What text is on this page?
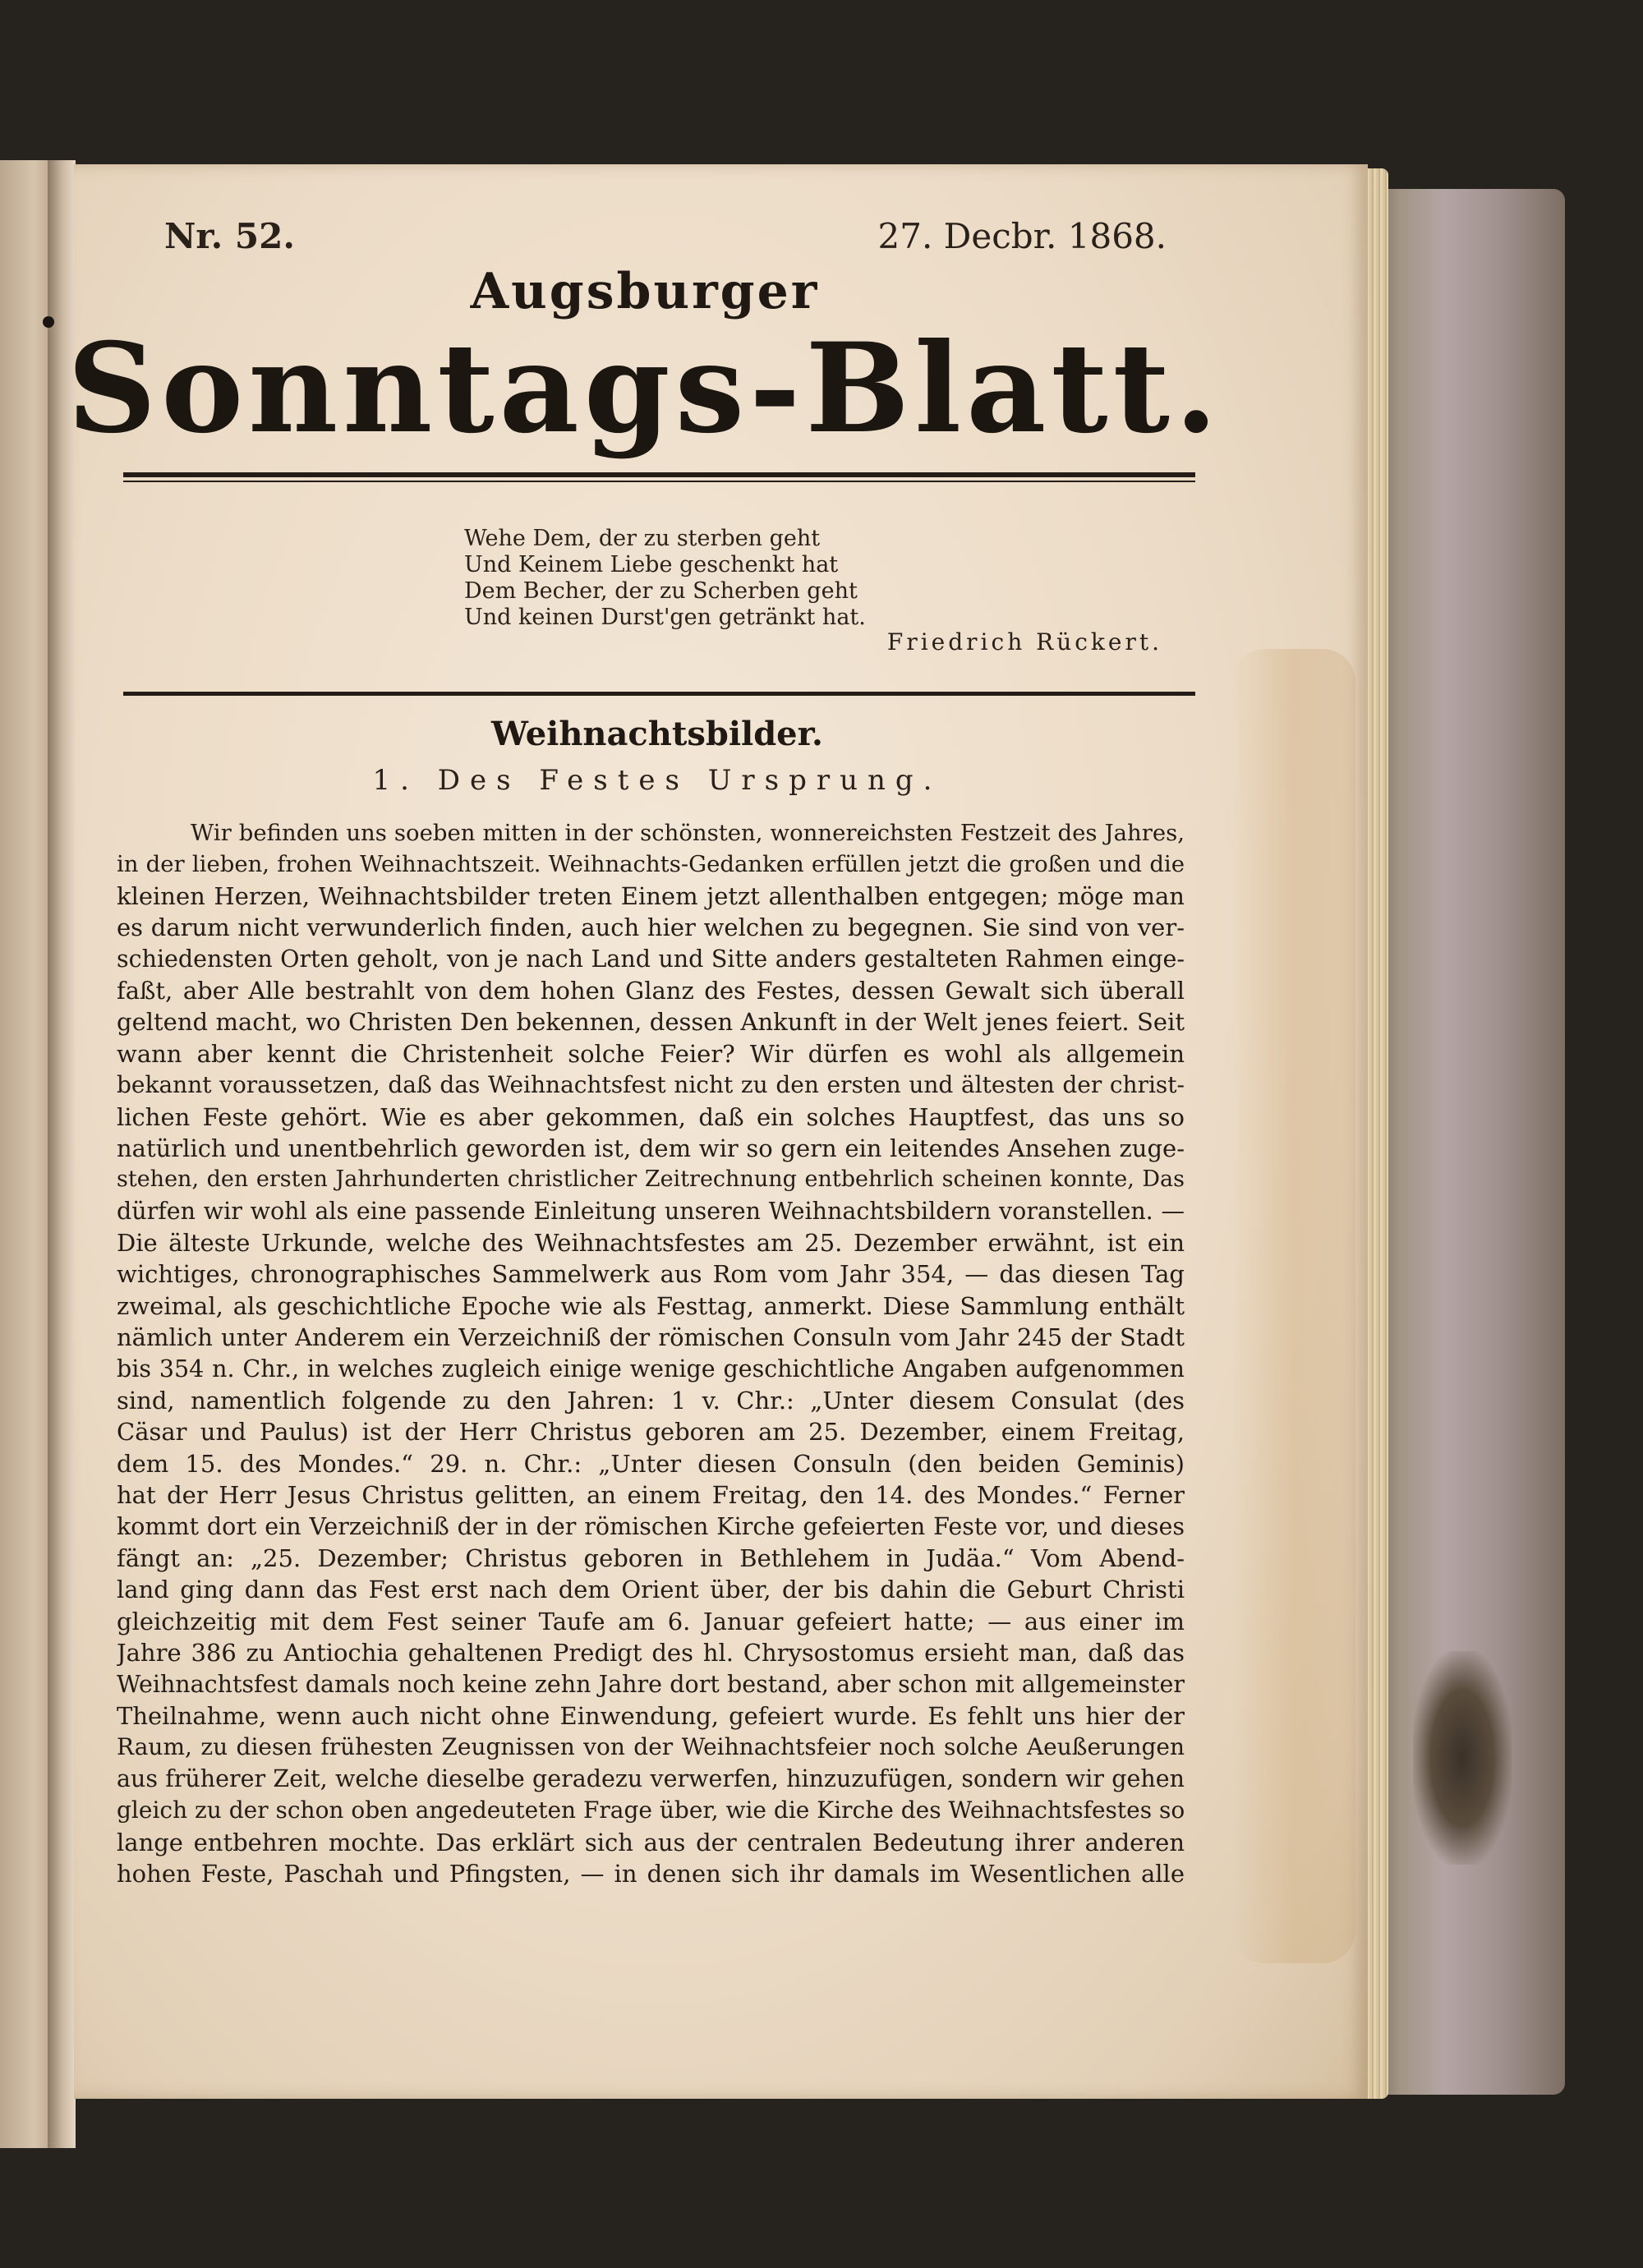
Nr. 52.	27. Decbr. 1868.
Augsburger
Sonntags-Blatt.
Wehe Dem, der zu sterben geht
Und Keinem Liebe geschenkt hat
Dem Becher, der zu Scherben geht
Und keinen Durst'gen getränkt hat.
Friedrich Rückert.
Weihnachtsbilder.
1. Des Festes Ursprung.
Wir befinden uns soeben mitten in der schönsten, wonnereichsten Festzeit des Jahres,
in der lieben, frohen Weihnachtszeit. Weihnachts-Gedanken erfüllen jetzt die großen und die
kleinen Herzen, Weihnachtsbilder treten Einem jetzt allenthalben entgegen; möge man
es darum nicht verwunderlich finden, auch hier welchen zu begegnen. Sie sind von ver-
schiedensten Orten geholt, von je nach Land und Sitte anders gestalteten Rahmen einge-
faßt, aber Alle bestrahlt von dem hohen Glanz des Festes, dessen Gewalt sich überall
geltend macht, wo Christen Den bekennen, dessen Ankunft in der Welt jenes feiert. Seit
wann aber kennt die Christenheit solche Feier? Wir dürfen es wohl als allgemein
bekannt voraussetzen, daß das Weihnachtsfest nicht zu den ersten und ältesten der christ-
lichen Feste gehört. Wie es aber gekommen, daß ein solches Hauptfest, das uns so
natürlich und unentbehrlich geworden ist, dem wir so gern ein leitendes Ansehen zuge-
stehen, den ersten Jahrhunderten christlicher Zeitrechnung entbehrlich scheinen konnte, Das
dürfen wir wohl als eine passende Einleitung unseren Weihnachtsbildern voranstellen. —
Die älteste Urkunde, welche des Weihnachtsfestes am 25. Dezember erwähnt, ist ein
wichtiges, chronographisches Sammelwerk aus Rom vom Jahr 354, — das diesen Tag
zweimal, als geschichtliche Epoche wie als Festtag, anmerkt. Diese Sammlung enthält
nämlich unter Anderem ein Verzeichniß der römischen Consuln vom Jahr 245 der Stadt
bis 354 n. Chr., in welches zugleich einige wenige geschichtliche Angaben aufgenommen
sind, namentlich folgende zu den Jahren: 1 v. Chr.: „Unter diesem Consulat (des
Cäsar und Paulus) ist der Herr Christus geboren am 25. Dezember, einem Freitag,
dem 15. des Mondes.“ 29. n. Chr.: „Unter diesen Consuln (den beiden Geminis)
hat der Herr Jesus Christus gelitten, an einem Freitag, den 14. des Mondes.“ Ferner
kommt dort ein Verzeichniß der in der römischen Kirche gefeierten Feste vor, und dieses
fängt an: „25. Dezember; Christus geboren in Bethlehem in Judäa.“ Vom Abend-
land ging dann das Fest erst nach dem Orient über, der bis dahin die Geburt Christi
gleichzeitig mit dem Fest seiner Taufe am 6. Januar gefeiert hatte; — aus einer im
Jahre 386 zu Antiochia gehaltenen Predigt des hl. Chrysostomus ersieht man, daß das
Weihnachtsfest damals noch keine zehn Jahre dort bestand, aber schon mit allgemeinster
Theilnahme, wenn auch nicht ohne Einwendung, gefeiert wurde. Es fehlt uns hier der
Raum, zu diesen frühesten Zeugnissen von der Weihnachtsfeier noch solche Aeußerungen
aus früherer Zeit, welche dieselbe geradezu verwerfen, hinzuzufügen, sondern wir gehen
gleich zu der schon oben angedeuteten Frage über, wie die Kirche des Weihnachtsfestes so
lange entbehren mochte. Das erklärt sich aus der centralen Bedeutung ihrer anderen
hohen Feste, Paschah und Pfingsten, — in denen sich ihr damals im Wesentlichen alle
